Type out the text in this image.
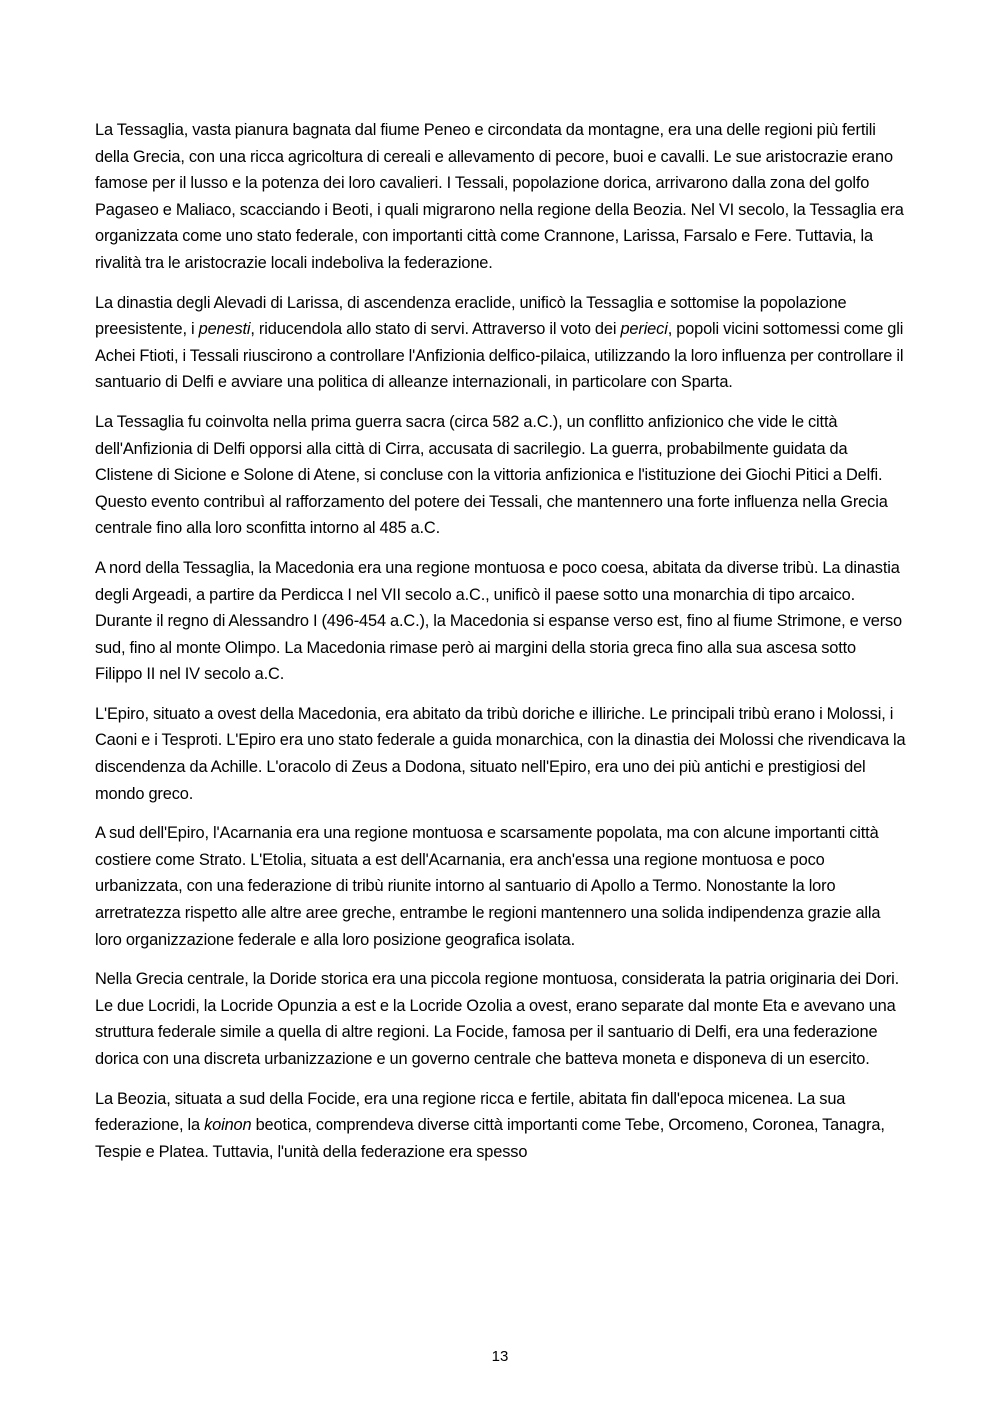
La Tessaglia, vasta pianura bagnata dal fiume Peneo e circondata da montagne, era una delle regioni più fertili della Grecia, con una ricca agricoltura di cereali e allevamento di pecore, buoi e cavalli. Le sue aristocrazie erano famose per il lusso e la potenza dei loro cavalieri. I Tessali, popolazione dorica, arrivarono dalla zona del golfo Pagaseo e Maliaco, scacciando i Beoti, i quali migrarono nella regione della Beozia. Nel VI secolo, la Tessaglia era organizzata come uno stato federale, con importanti città come Crannone, Larissa, Farsalo e Fere. Tuttavia, la rivalità tra le aristocrazie locali indeboliva la federazione.

La dinastia degli Alevadi di Larissa, di ascendenza eraclide, unificò la Tessaglia e sottomise la popolazione preesistente, i penesti, riducendola allo stato di servi. Attraverso il voto dei perieci, popoli vicini sottomessi come gli Achei Ftioti, i Tessali riuscirono a controllare l'Anfizionia delfico-pilaica, utilizzando la loro influenza per controllare il santuario di Delfi e avviare una politica di alleanze internazionali, in particolare con Sparta.

La Tessaglia fu coinvolta nella prima guerra sacra (circa 582 a.C.), un conflitto anfizionico che vide le città dell'Anfizionia di Delfi opporsi alla città di Cirra, accusata di sacrilegio. La guerra, probabilmente guidata da Clistene di Sicione e Solone di Atene, si concluse con la vittoria anfizionica e l'istituzione dei Giochi Pitici a Delfi. Questo evento contribuì al rafforzamento del potere dei Tessali, che mantennero una forte influenza nella Grecia centrale fino alla loro sconfitta intorno al 485 a.C.

A nord della Tessaglia, la Macedonia era una regione montuosa e poco coesa, abitata da diverse tribù. La dinastia degli Argeadi, a partire da Perdicca I nel VII secolo a.C., unificò il paese sotto una monarchia di tipo arcaico. Durante il regno di Alessandro I (496-454 a.C.), la Macedonia si espanse verso est, fino al fiume Strimone, e verso sud, fino al monte Olimpo. La Macedonia rimase però ai margini della storia greca fino alla sua ascesa sotto Filippo II nel IV secolo a.C.

L'Epiro, situato a ovest della Macedonia, era abitato da tribù doriche e illiriche. Le principali tribù erano i Molossi, i Caoni e i Tesproti. L'Epiro era uno stato federale a guida monarchica, con la dinastia dei Molossi che rivendicava la discendenza da Achille. L'oracolo di Zeus a Dodona, situato nell'Epiro, era uno dei più antichi e prestigiosi del mondo greco.

A sud dell'Epiro, l'Acarnania era una regione montuosa e scarsamente popolata, ma con alcune importanti città costiere come Strato. L'Etolia, situata a est dell'Acarnania, era anch'essa una regione montuosa e poco urbanizzata, con una federazione di tribù riunite intorno al santuario di Apollo a Termo. Nonostante la loro arretratezza rispetto alle altre aree greche, entrambe le regioni mantennero una solida indipendenza grazie alla loro organizzazione federale e alla loro posizione geografica isolata.

Nella Grecia centrale, la Doride storica era una piccola regione montuosa, considerata la patria originaria dei Dori. Le due Locridi, la Locride Opunzia a est e la Locride Ozolia a ovest, erano separate dal monte Eta e avevano una struttura federale simile a quella di altre regioni. La Focide, famosa per il santuario di Delfi, era una federazione dorica con una discreta urbanizzazione e un governo centrale che batteva moneta e disponeva di un esercito.

La Beozia, situata a sud della Focide, era una regione ricca e fertile, abitata fin dall'epoca micenea. La sua federazione, la koinon beotica, comprendeva diverse città importanti come Tebe, Orcomeno, Coronea, Tanagra, Tespie e Platea. Tuttavia, l'unità della federazione era spesso

13
